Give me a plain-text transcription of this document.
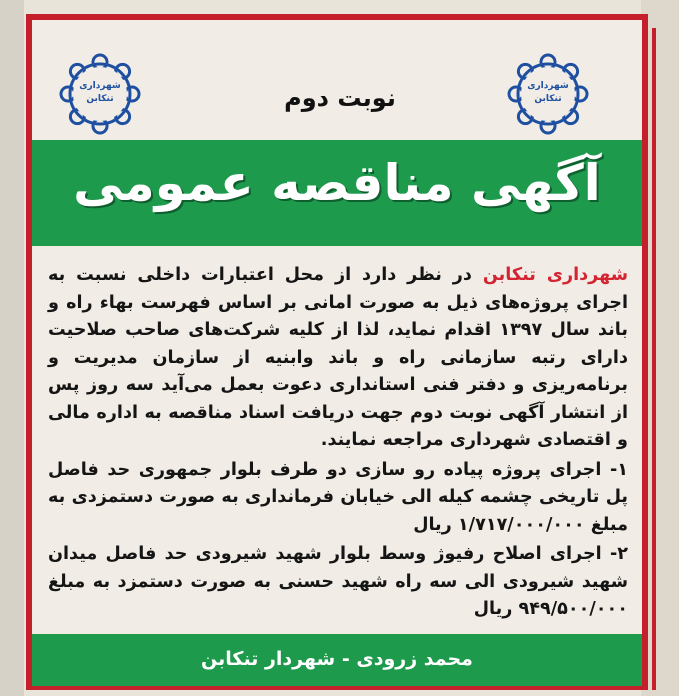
شهرداری
تنکابن
شهرداری
تنکابن
نوبت دوم
آگهی مناقصه عمومی

شهرداری تنکابن در نظر دارد از محل اعتبارات داخلی نسبت به اجرای پروژه‌های ذیل به صورت امانی بر اساس فهرست بهاء راه و باند سال ۱۳۹۷ اقدام نماید، لذا از کلیه شرکت‌های صاحب صلاحیت دارای رتبه سازمانی راه و باند وابنیه از سازمان مدیریت و برنامه‌ریزی و دفتر فنی استانداری دعوت بعمل می‌آید سه روز پس از انتشار آگهی نوبت دوم جهت دریافت اسناد مناقصه به اداره مالی و اقتصادی شهرداری مراجعه نمایند.

۱- اجرای پروژه پیاده رو سازی دو طرف بلوار جمهوری حد فاصل پل تاریخی چشمه کیله الی خیابان فرمانداری به صورت دستمزدی به مبلغ ۱/۷۱۷/۰۰۰/۰۰۰ ریال

۲- اجرای اصلاح رفیوژ وسط بلوار شهید شیرودی حد فاصل میدان شهید شیرودی الی سه راه شهید حسنی به صورت دستمزد به مبلغ ۹۴۹/۵۰۰/۰۰۰ ریال

محمد زرودی - شهردار تنکابن
